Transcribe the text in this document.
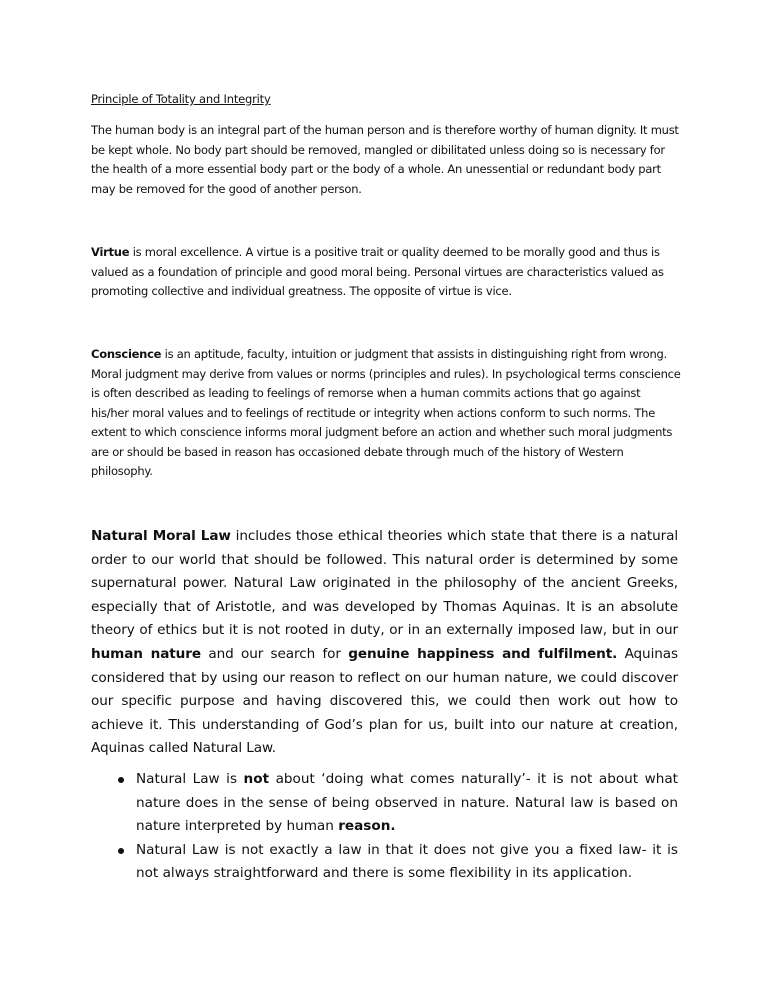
Principle of Totality and Integrity
The human body is an integral part of the human person and is therefore worthy of human dignity. It must be kept whole. No body part should be removed, mangled or dibilitated unless doing so is necessary for the health of a more essential body part or the body of a whole. An unessential or redundant body part may be removed for the good of another person.
Virtue is moral excellence. A virtue is a positive trait or quality deemed to be morally good and thus is valued as a foundation of principle and good moral being. Personal virtues are characteristics valued as promoting collective and individual greatness. The opposite of virtue is vice.
Conscience is an aptitude, faculty, intuition or judgment that assists in distinguishing right from wrong. Moral judgment may derive from values or norms (principles and rules). In psychological terms conscience is often described as leading to feelings of remorse when a human commits actions that go against his/her moral values and to feelings of rectitude or integrity when actions conform to such norms. The extent to which conscience informs moral judgment before an action and whether such moral judgments are or should be based in reason has occasioned debate through much of the history of Western philosophy.
Natural Moral Law includes those ethical theories which state that there is a natural order to our world that should be followed. This natural order is determined by some supernatural power. Natural Law originated in the philosophy of the ancient Greeks, especially that of Aristotle, and was developed by Thomas Aquinas. It is an absolute theory of ethics but it is not rooted in duty, or in an externally imposed law, but in our human nature and our search for genuine happiness and fulfilment. Aquinas considered that by using our reason to reflect on our human nature, we could discover our specific purpose and having discovered this, we could then work out how to achieve it. This understanding of God’s plan for us, built into our nature at creation, Aquinas called Natural Law.
Natural Law is not about ‘doing what comes naturally’- it is not about what nature does in the sense of being observed in nature. Natural law is based on nature interpreted by human reason.
Natural Law is not exactly a law in that it does not give you a fixed law- it is not always straightforward and there is some flexibility in its application.
